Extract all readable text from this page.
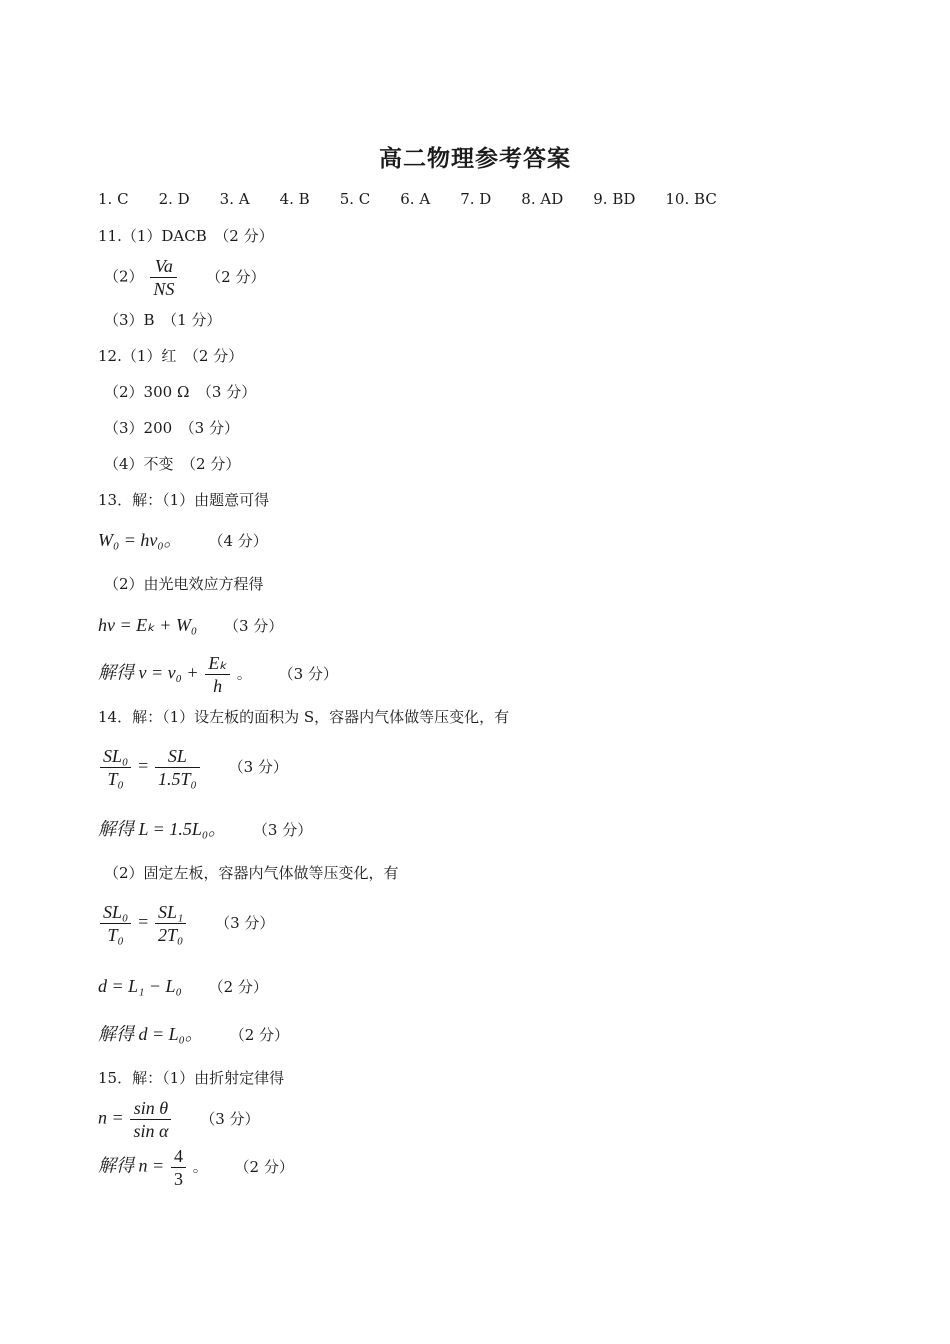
高二物理参考答案
1. C 2. D 3. A 4. B 5. C 6. A 7. D 8. AD 9. BD 10. BC
11.（1）DACB　（2 分）
$(2) \frac{Va}{NS} (2$ 分）
（3）B　（1 分）
12.（1）红　（2 分）
（2）300 Ω　（3 分）
（3）200　（3 分）
（4）不变　（2 分）
13．解：（1）由题意可得
W₀ = hν₀。 （4 分）
（2）由光电效应方程得
hν = Eₖ + W₀ （3 分）
解得 $\nu = \nu_0 + \frac{\text{Eₖ}}{h}$ 。 （3 分）
14．解：（1）设左板的面积为 S，容器内气体做等压变化，有
$\frac{\text{SL₀}}{\text{T₀}} = \frac{SL}{\text{1.5T₀}} (3$ 分）
解得 L = 1.5L₀。 （3 分）
（2）固定左板，容器内气体做等压变化，有
$\frac{\text{SL₀}}{\text{T₀}} = \frac{\text{SL₁}}{\text{2T₀}} (3$ 分）
d = L₁ − L₀ （2 分）
解得 d = L₀。 （2 分）
15．解：（1）由折射定律得
$n = \frac{\text{sin θ}}{\text{sin α}} (3$ 分）
解得 $n = \frac{4}{3}$ 。 （2 分）
